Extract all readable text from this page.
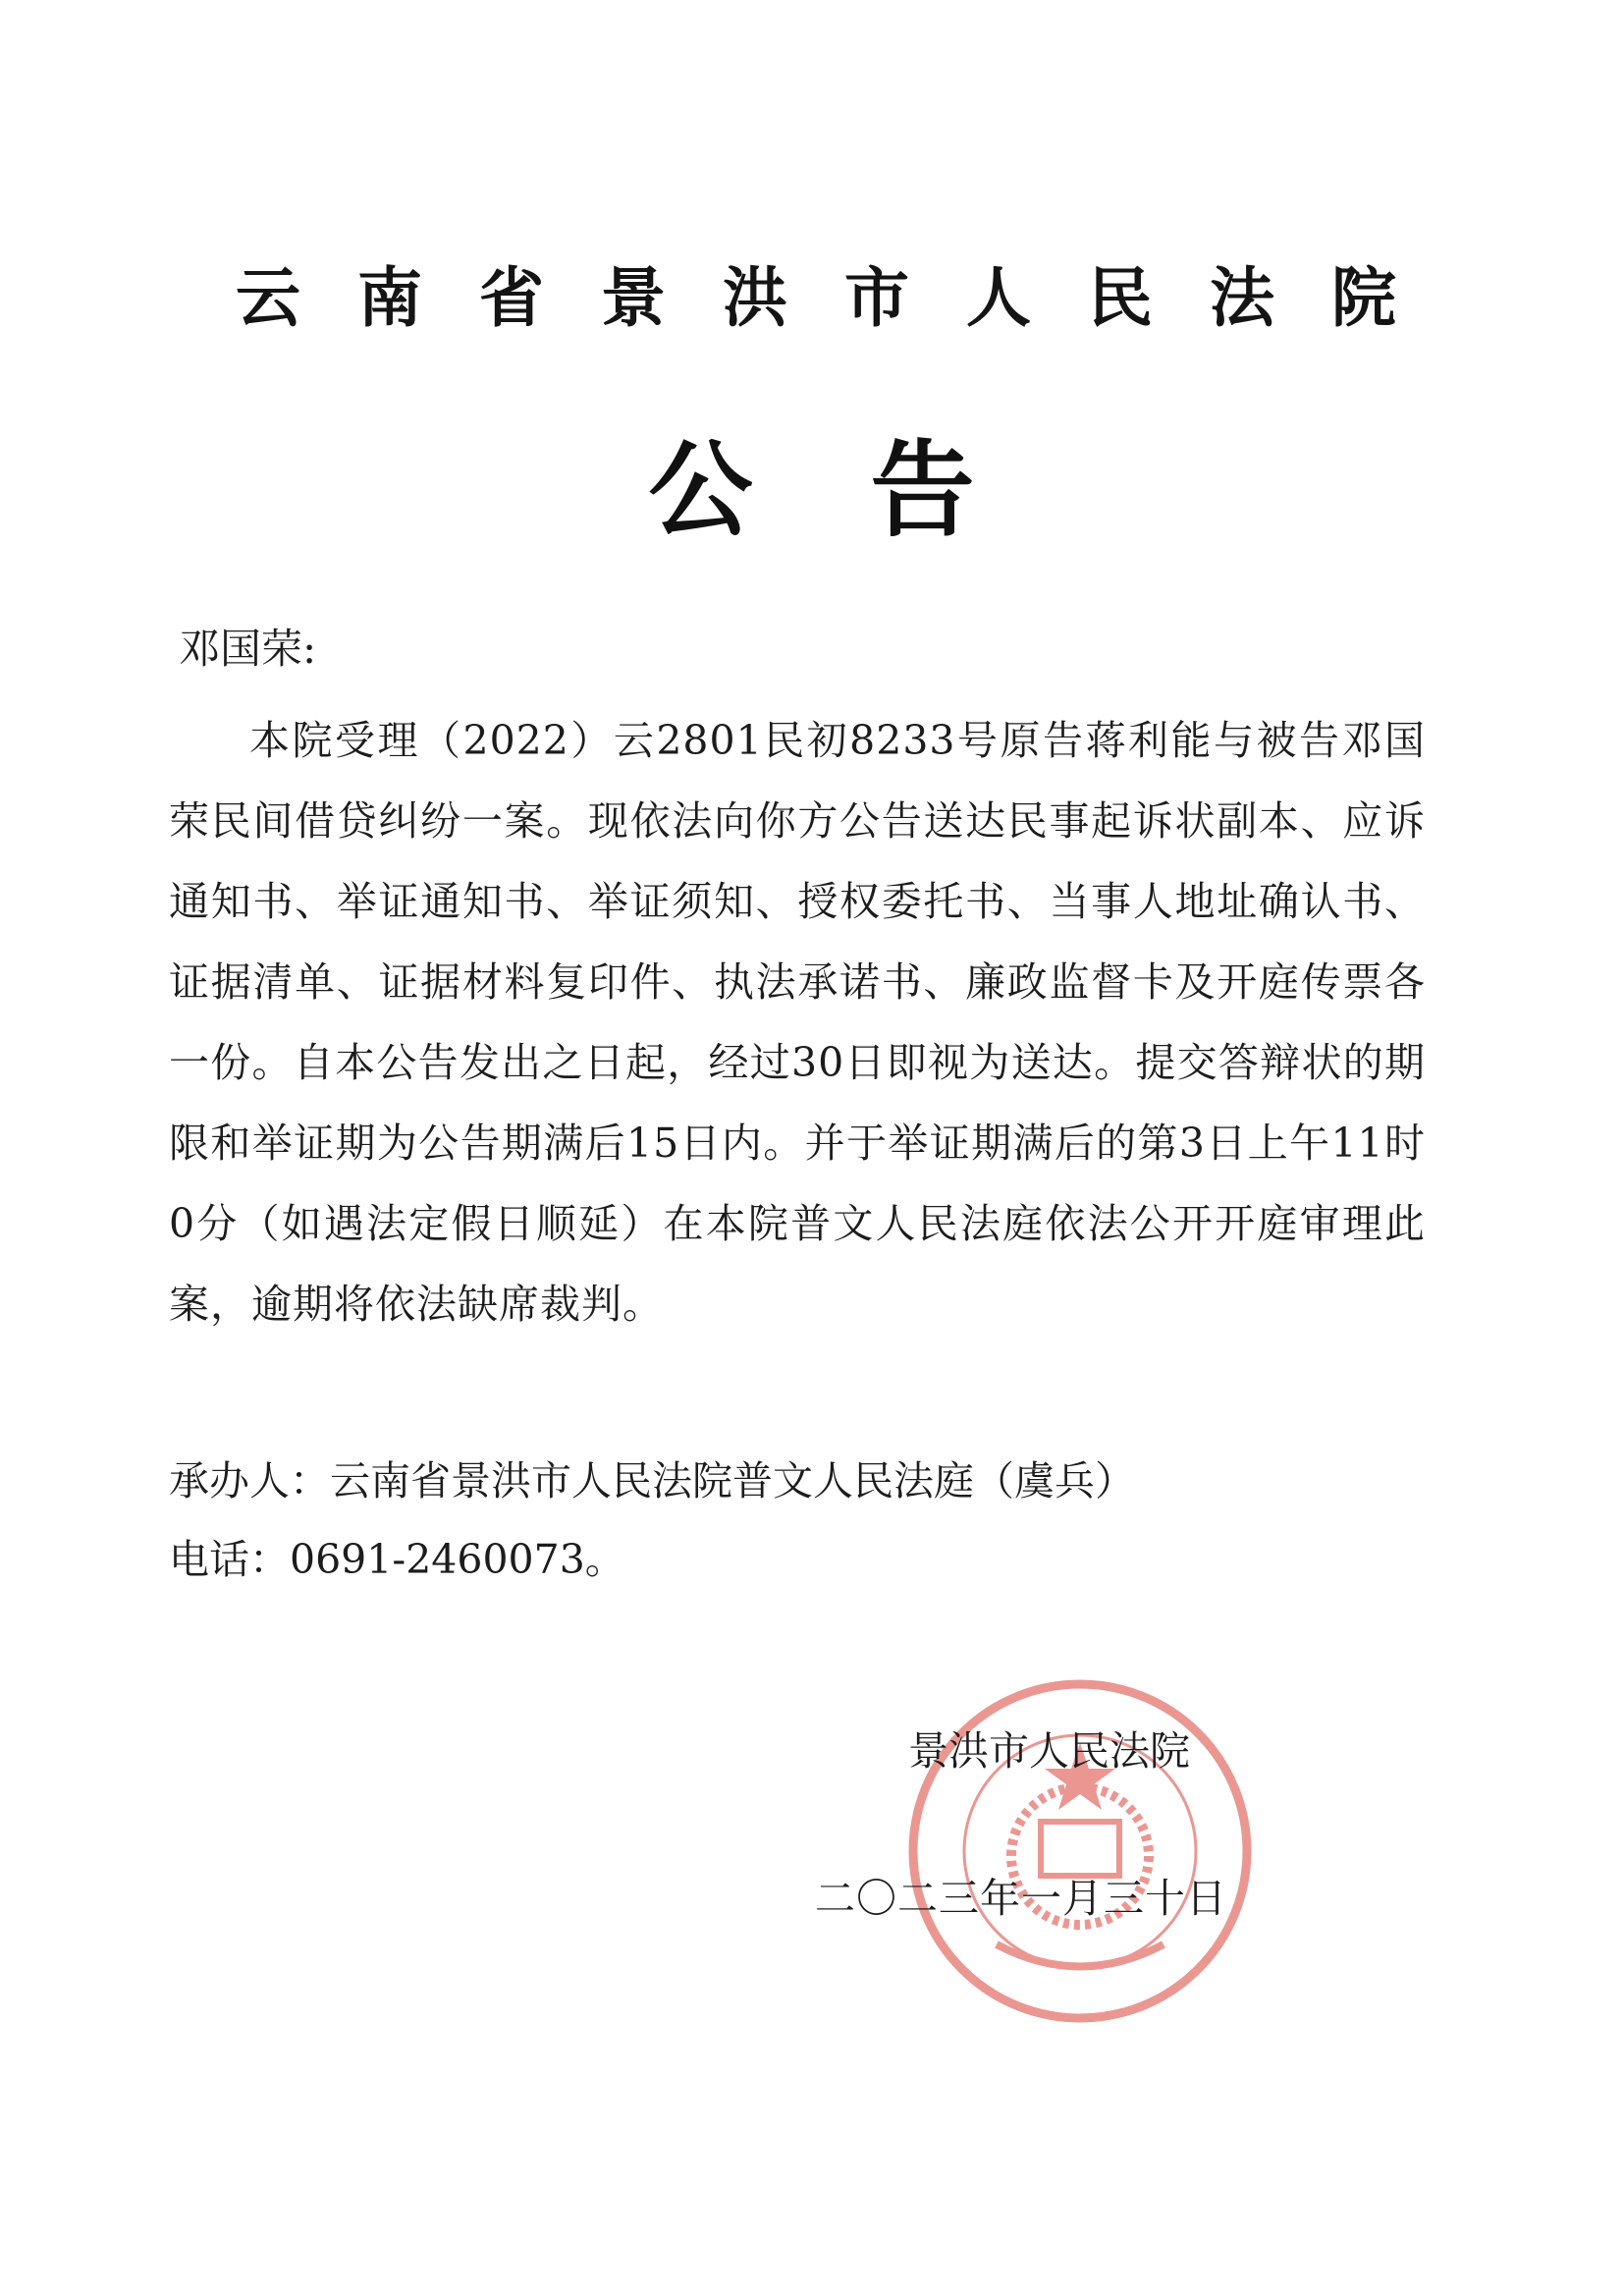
云南省景洪市人民法院
公告
邓国荣:
本院受理（2022）云2801民初8233号原告蒋利能与被告邓国荣民间借贷纠纷一案。现依法向你方公告送达民事起诉状副本、应诉通知书、举证通知书、举证须知、授权委托书、当事人地址确认书、证据清单、证据材料复印件、执法承诺书、廉政监督卡及开庭传票各一份。自本公告发出之日起，经过30日即视为送达。提交答辩状的期限和举证期为公告期满后15日内。并于举证期满后的第3日上午11时0分（如遇法定假日顺延）在本院普文人民法庭依法公开开庭审理此案，逾期将依法缺席裁判。
承办人：云南省景洪市人民法院普文人民法庭（虞兵）
电话：0691-2460073。
景洪市人民法院
二〇二三年一月三十日
